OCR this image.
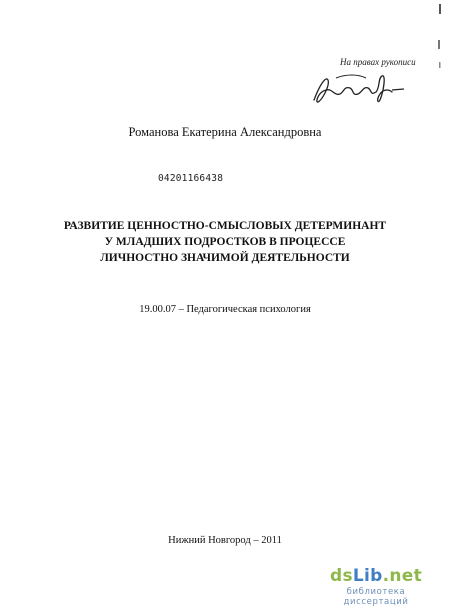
На правах рукописи
Романова Екатерина Александровна
04201166438
РАЗВИТИЕ ЦЕННОСТНО-СМЫСЛОВЫХ ДЕТЕРМИНАНТ
У МЛАДШИХ ПОДРОСТКОВ В ПРОЦЕССЕ
ЛИЧНОСТНО ЗНАЧИМОЙ ДЕЯТЕЛЬНОСТИ
19.00.07 – Педагогическая психология
Нижний Новгород – 2011
dsLib.net
библиотека диссертаций
